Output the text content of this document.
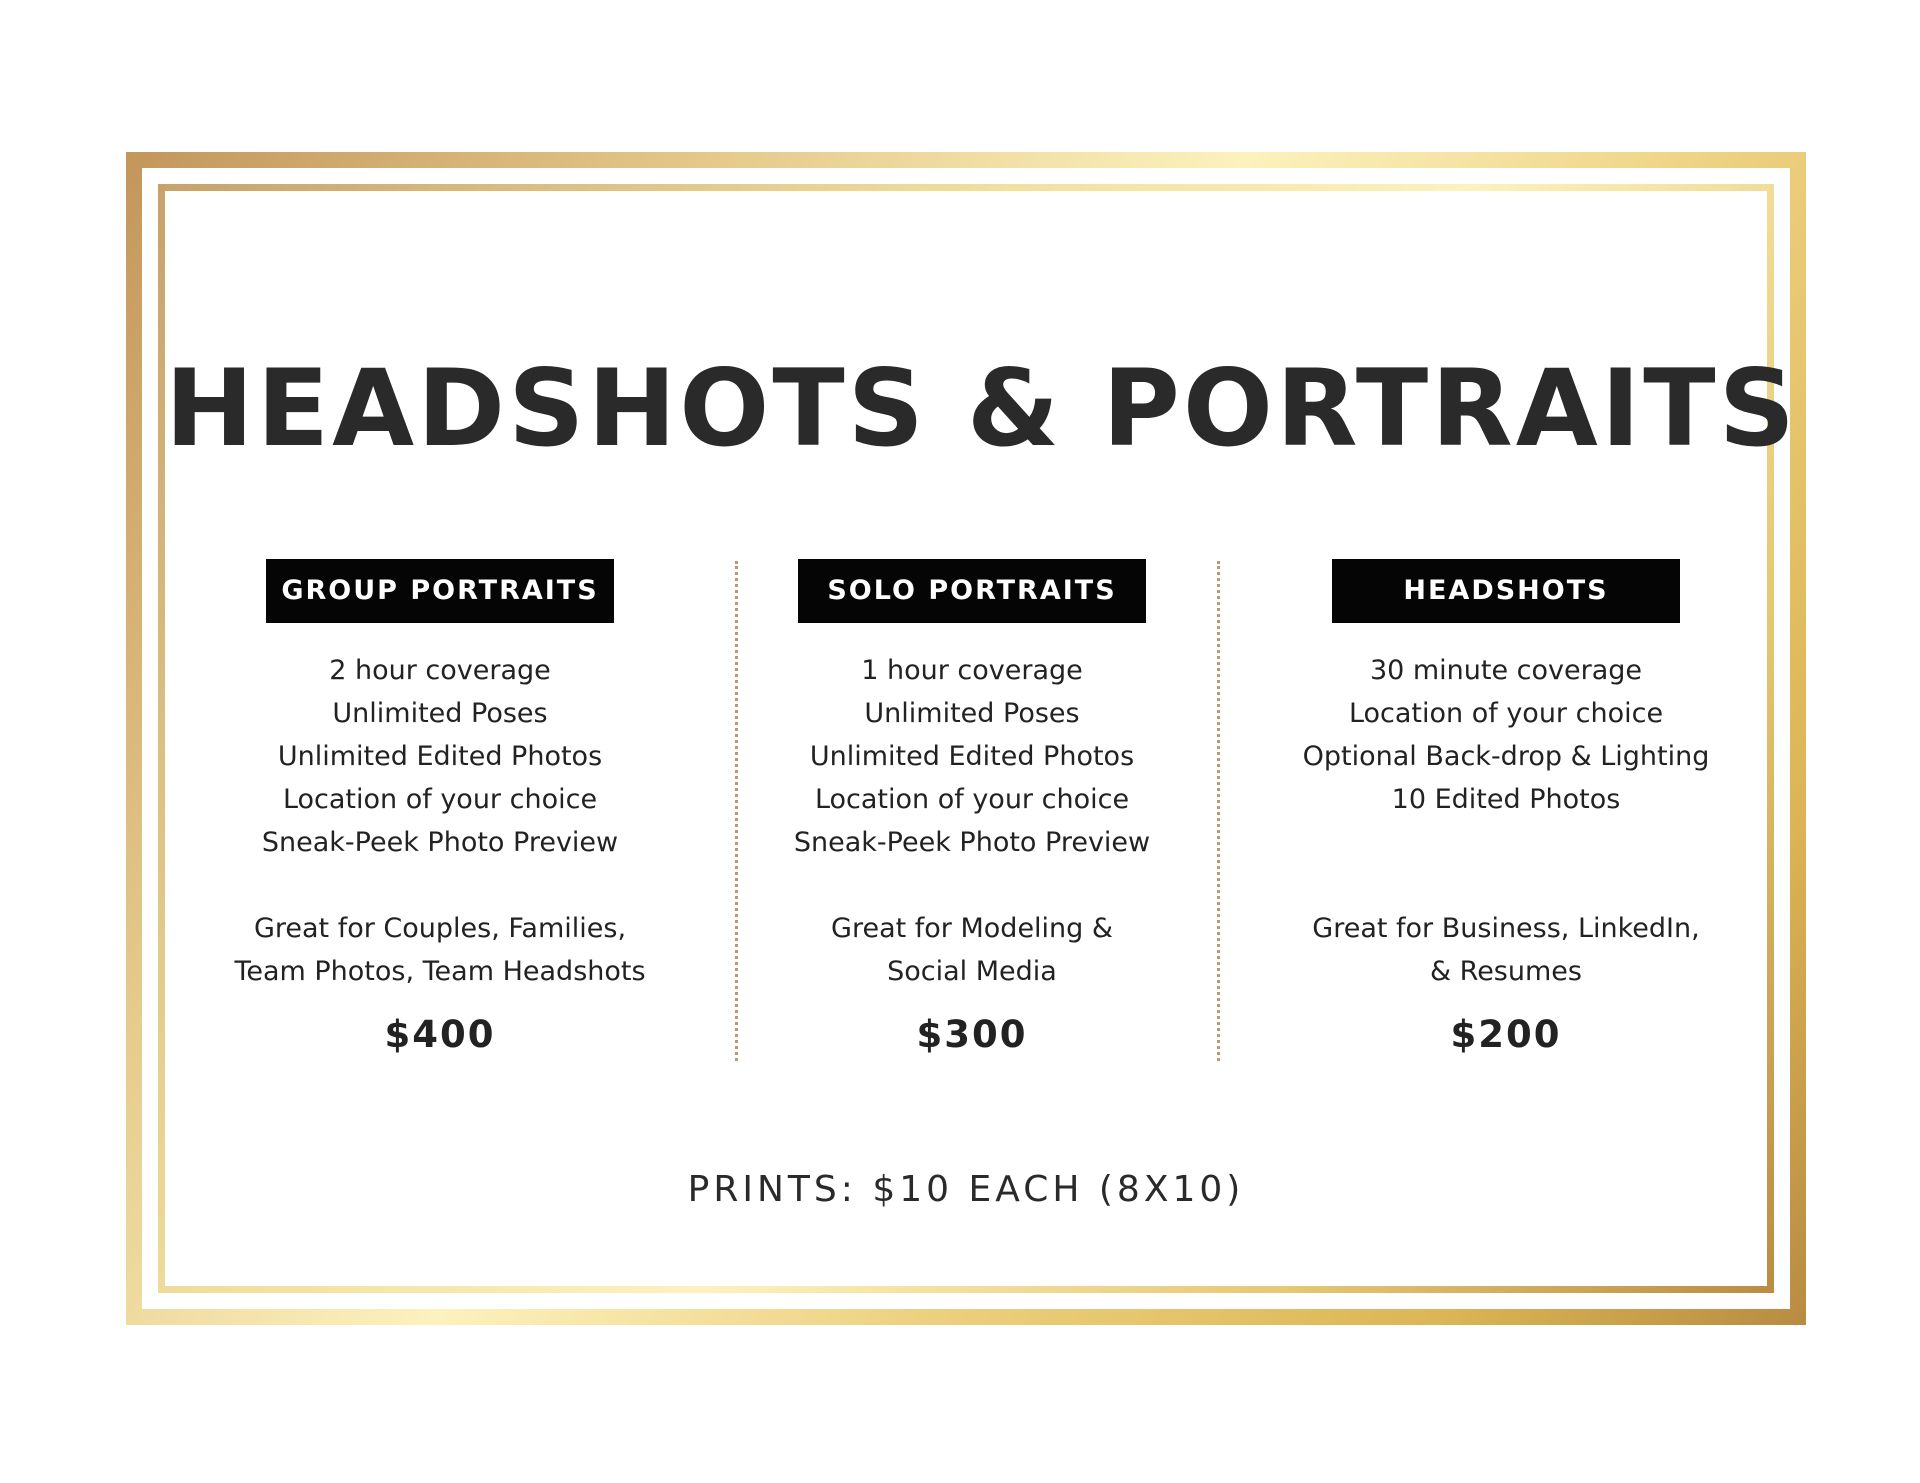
HEADSHOTS & PORTRAITS
GROUP PORTRAITS
2 hour coverage
Unlimited Poses
Unlimited Edited Photos
Location of your choice
Sneak-Peek Photo Preview
Great for Couples, Families,
Team Photos, Team Headshots
$400
SOLO PORTRAITS
1 hour coverage
Unlimited Poses
Unlimited Edited Photos
Location of your choice
Sneak-Peek Photo Preview
Great for Modeling &
Social Media
$300
HEADSHOTS
30 minute coverage
Location of your choice
Optional Back-drop & Lighting
10 Edited Photos
Great for Business, LinkedIn,
& Resumes
$200
PRINTS: $10 EACH (8X10)
